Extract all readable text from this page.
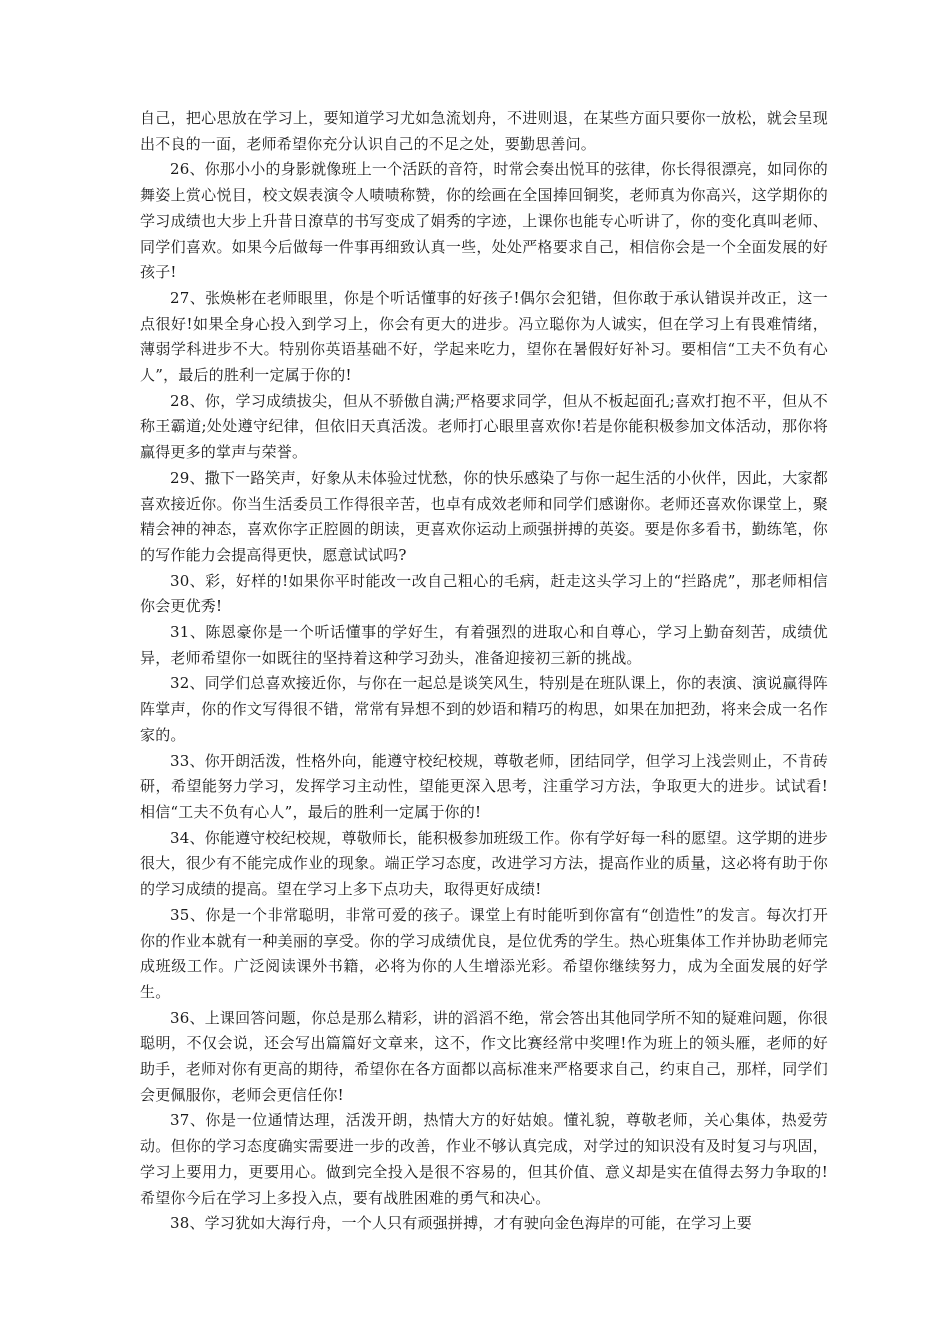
自己，把心思放在学习上，要知道学习尤如急流划舟，不进则退，在某些方面只要你一放松，就会呈现出不良的一面，老师希望你充分认识自己的不足之处，要勤思善问。

26、你那小小的身影就像班上一个活跃的音符，时常会奏出悦耳的弦律，你长得很漂亮，如同你的舞姿上赏心悦目，校文娱表演令人啧啧称赞，你的绘画在全国捧回铜奖，老师真为你高兴，这学期你的学习成绩也大步上升昔日潦草的书写变成了娟秀的字迹，上课你也能专心听讲了，你的变化真叫老师、同学们喜欢。如果今后做每一件事再细致认真一些，处处严格要求自己，相信你会是一个全面发展的好孩子!

27、张焕彬在老师眼里，你是个听话懂事的好孩子!偶尔会犯错，但你敢于承认错误并改正，这一点很好!如果全身心投入到学习上，你会有更大的进步。冯立聪你为人诚实，但在学习上有畏难情绪，薄弱学科进步不大。特别你英语基础不好，学起来吃力，望你在暑假好好补习。要相信“工夫不负有心人”，最后的胜利一定属于你的!

28、你，学习成绩拔尖，但从不骄傲自满;严格要求同学，但从不板起面孔;喜欢打抱不平，但从不称王霸道;处处遵守纪律，但依旧天真活泼。老师打心眼里喜欢你!若是你能积极参加文体活动，那你将赢得更多的掌声与荣誉。

29、撒下一路笑声，好象从未体验过忧愁，你的快乐感染了与你一起生活的小伙伴，因此，大家都喜欢接近你。你当生活委员工作得很辛苦，也卓有成效老师和同学们感谢你。老师还喜欢你课堂上，聚精会神的神态，喜欢你字正腔圆的朗读，更喜欢你运动上顽强拼搏的英姿。要是你多看书，勤练笔，你的写作能力会提高得更快，愿意试试吗?

30、彩，好样的!如果你平时能改一改自己粗心的毛病，赶走这头学习上的“拦路虎”，那老师相信你会更优秀!

31、陈恩豪你是一个听话懂事的学好生，有着强烈的进取心和自尊心，学习上勤奋刻苦，成绩优异，老师希望你一如既往的坚持着这种学习劲头，准备迎接初三新的挑战。

32、同学们总喜欢接近你，与你在一起总是谈笑风生，特别是在班队课上，你的表演、演说赢得阵阵掌声，你的作文写得很不错，常常有异想不到的妙语和精巧的构思，如果在加把劲，将来会成一名作家的。

33、你开朗活泼，性格外向，能遵守校纪校规，尊敬老师，团结同学，但学习上浅尝则止，不肯砖研，希望能努力学习，发挥学习主动性，望能更深入思考，注重学习方法，争取更大的进步。试试看!相信“工夫不负有心人”，最后的胜利一定属于你的!

34、你能遵守校纪校规，尊敬师长，能积极参加班级工作。你有学好每一科的愿望。这学期的进步很大，很少有不能完成作业的现象。端正学习态度，改进学习方法，提高作业的质量，这必将有助于你的学习成绩的提高。望在学习上多下点功夫，取得更好成绩!

35、你是一个非常聪明，非常可爱的孩子。课堂上有时能听到你富有“创造性”的发言。每次打开你的作业本就有一种美丽的享受。你的学习成绩优良，是位优秀的学生。热心班集体工作并协助老师完成班级工作。广泛阅读课外书籍，必将为你的人生增添光彩。希望你继续努力，成为全面发展的好学生。

36、上课回答问题，你总是那么精彩，讲的滔滔不绝，常会答出其他同学所不知的疑难问题，你很聪明，不仅会说，还会写出篇篇好文章来，这不，作文比赛经常中奖哩!作为班上的领头雁，老师的好助手，老师对你有更高的期待，希望你在各方面都以高标准来严格要求自己，约束自己，那样，同学们会更佩服你，老师会更信任你!

37、你是一位通情达理，活泼开朗，热情大方的好姑娘。懂礼貌，尊敬老师，关心集体，热爱劳动。但你的学习态度确实需要进一步的改善，作业不够认真完成，对学过的知识没有及时复习与巩固，学习上要用力，更要用心。做到完全投入是很不容易的，但其价值、意义却是实在值得去努力争取的!希望你今后在学习上多投入点，要有战胜困难的勇气和决心。

38、学习犹如大海行舟，一个人只有顽强拼搏，才有驶向金色海岸的可能，在学习上要
